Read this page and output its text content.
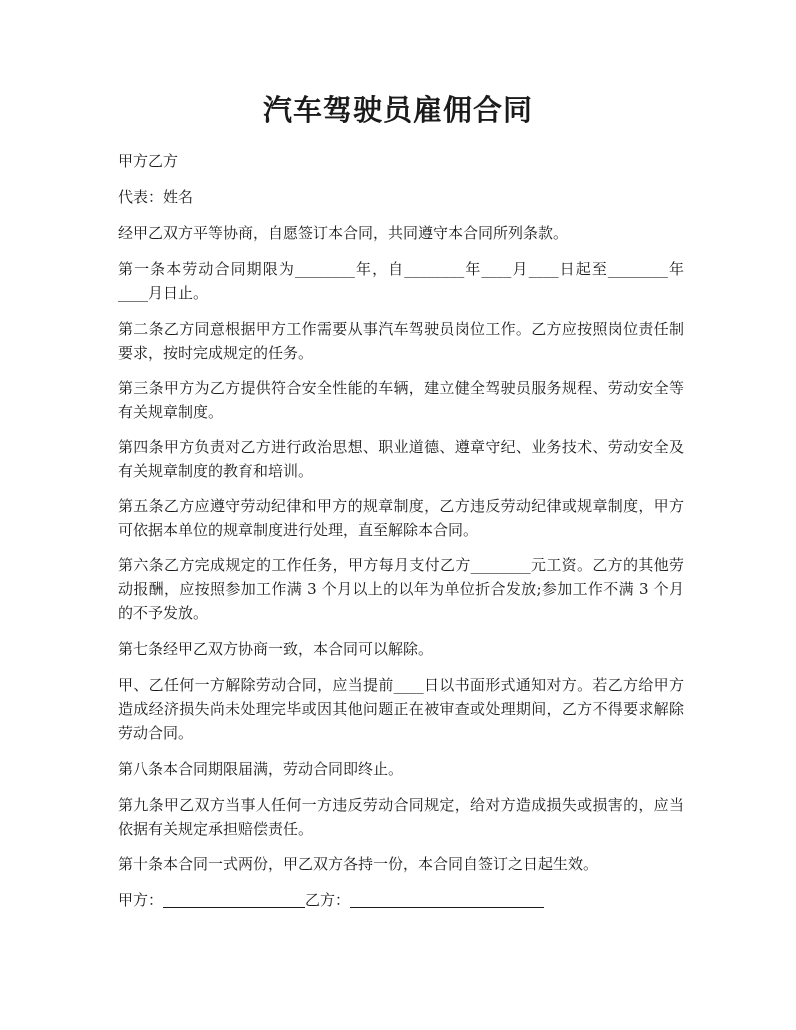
汽车驾驶员雇佣合同

甲方乙方

代表：姓名

经甲乙双方平等协商，自愿签订本合同，共同遵守本合同所列条款。

第一条本劳动合同期限为________年，自________年____月____日起至________年____月日止。

第二条乙方同意根据甲方工作需要从事汽车驾驶员岗位工作。乙方应按照岗位责任制要求，按时完成规定的任务。

第三条甲方为乙方提供符合安全性能的车辆，建立健全驾驶员服务规程、劳动安全等有关规章制度。

第四条甲方负责对乙方进行政治思想、职业道德、遵章守纪、业务技术、劳动安全及有关规章制度的教育和培训。

第五条乙方应遵守劳动纪律和甲方的规章制度，乙方违反劳动纪律或规章制度，甲方可依据本单位的规章制度进行处理，直至解除本合同。

第六条乙方完成规定的工作任务，甲方每月支付乙方________元工资。乙方的其他劳动报酬，应按照参加工作满 3 个月以上的以年为单位折合发放;参加工作不满 3 个月的不予发放。

第七条经甲乙双方协商一致，本合同可以解除。

甲、乙任何一方解除劳动合同，应当提前____日以书面形式通知对方。若乙方给甲方造成经济损失尚未处理完毕或因其他问题正在被审查或处理期间，乙方不得要求解除劳动合同。

第八条本合同期限届满，劳动合同即终止。

第九条甲乙双方当事人任何一方违反劳动合同规定，给对方造成损失或损害的，应当依据有关规定承担赔偿责任。

第十条本合同一式两份，甲乙双方各持一份，本合同自签订之日起生效。

甲方：	乙方：
